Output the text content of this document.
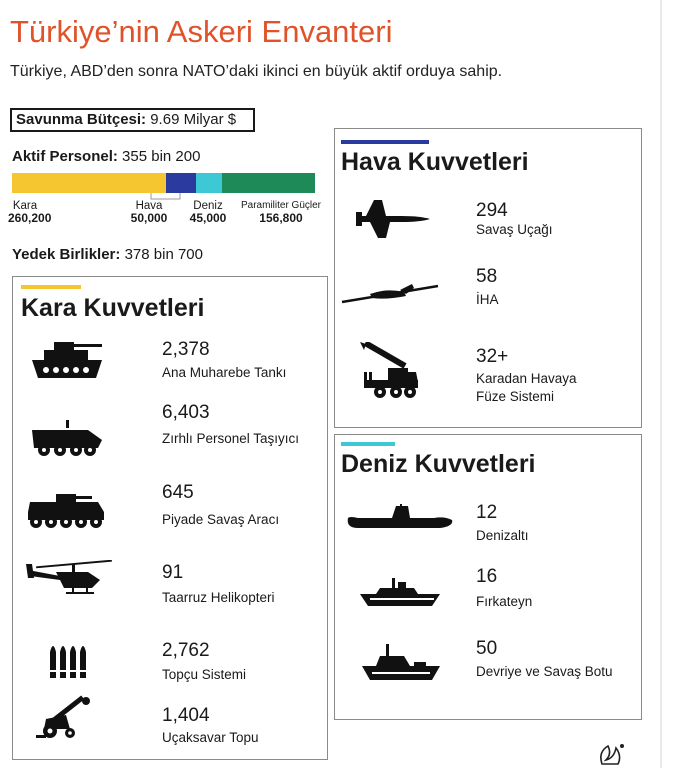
Türkiye’nin Askeri Envanteri
Türkiye, ABD’den sonra NATO’daki ikinci en büyük aktif orduya sahip.
Savunma Bütçesi: 9.69 Milyar $
Aktif Personel: 355 bin 200
Kara
260,200
Hava
50,000
Deniz
45,000
Paramiliter Güçler
156,800
Yedek Birlikler: 378 bin 700
Kara Kuvvetleri
2,378
Ana Muharebe Tankı
6,403
Zırhlı Personel Taşıyıcı
645
Piyade Savaş Aracı
91
Taarruz Helikopteri
2,762
Topçu Sistemi
1,404
Uçaksavar Topu
Hava Kuvvetleri
294
Savaş Uçağı
58
İHA
32+
Karadan Havaya
Füze Sistemi
Deniz Kuvvetleri
12
Denizaltı
16
Fırkateyn
50
Devriye ve Savaş Botu
